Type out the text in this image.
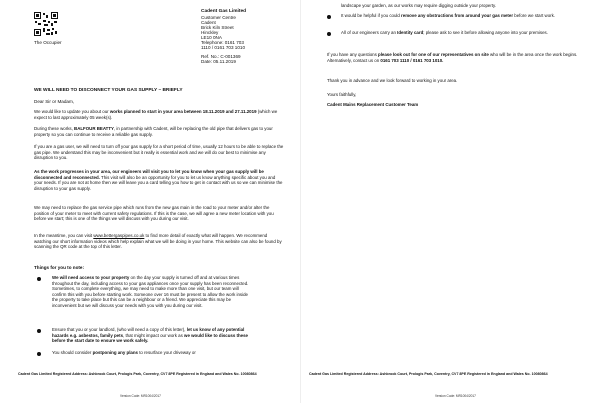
The Occupier
Cadent Gas Limited
Customer Centre
Cadent
Brick Kiln Street
Hinckley
LE10 0NA
Telephone: 0161 703
1110 / 0161 703 1010
Ref. No.: C-001369
Date: 05.11.2019
WE WILL NEED TO DISCONNECT YOUR GAS SUPPLY – BRIEFLY
Dear Sir or Madam,
We would like to update you about our works planned to start in your area between 18.11.2019 and 27.11.2019 (which we expect to last approximately 05 week(s).
During these works, BALFOUR BEATTY, in partnership with Cadent, will be replacing the old pipe that delivers gas to your property so you can continue to receive a reliable gas supply.
If you are a gas user, we will need to turn off your gas supply for a short period of time, usually 12 hours to be able to replace the gas pipe. We understand this may be inconvenient but it really is essential work and we will do our best to minimise any disruption to you.
As the work progresses in your area, our engineers will visit you to let you know when your gas supply will be disconnected and reconnected. This visit will also be an opportunity for you to let us know anything specific about you and your needs. If you are not at home then we will leave you a card telling you how to get in contact with us so we can minimise the disruption to your gas supply.
We may need to replace the gas service pipe which runs from the new gas main in the road to your meter and/or alter the position of your meter to meet with current safety regulations. If this is the case, we will agree a new meter location with you before we start; this is one of the things we will discuss with you during our visit.
In the meantime, you can visit www.bettergaspipes.co.uk to find more detail of exactly what will happen. We recommend watching our short information videos which help explain what we will be doing in your home. This website can also be found by scanning the QR code at the top of this letter.
Things for you to note:
We will need access to your property on the day your supply is turned off and at various times throughout the day, including access to your gas appliances once your supply has been reconnected. Sometimes, to complete everything, we may need to make more than one visit, but our team will confirm this with you before starting work. Someone over 16 must be present to allow the work inside the property to take place but this can be a neighbour or a friend. We appreciate this may be inconvenient but we will discuss your needs with you with you during our visit.
Ensure that you or your landlord, (who will need a copy of this letter), let us know of any potential hazards e.g. asbestos, family pets, that might impact our work as we would like to discuss these before the start date to ensure we work safely.
You should consider postponing any plans to resurface your driveway or
Cadent Gas Limited Registered Address: Ashbrook Court, Prologis Park, Coventry, CV7 8PE Registered in England and Wales No. 10080864
Version Code: MR1004/2017
landscape your garden, as our works may require digging outside your property.
It would be helpful if you could remove any obstructions from around your gas meter before we start work.
All of our engineers carry an Identity card; please ask to see it before allowing anyone into your premises.
If you have any questions please look out for one of our representatives on site who will be in the area once the work begins. Alternatively, contact us on 0161 703 1110 / 0161 703 1010.
Thank you in advance and we look forward to working in your area.
Yours faithfully,
Cadent Mains Replacement Customer Team
Cadent Gas Limited Registered Address: Ashbrook Court, Prologis Park, Coventry, CV7 8PE Registered in England and Wales No. 10080864
Version Code: MR1004/2017
